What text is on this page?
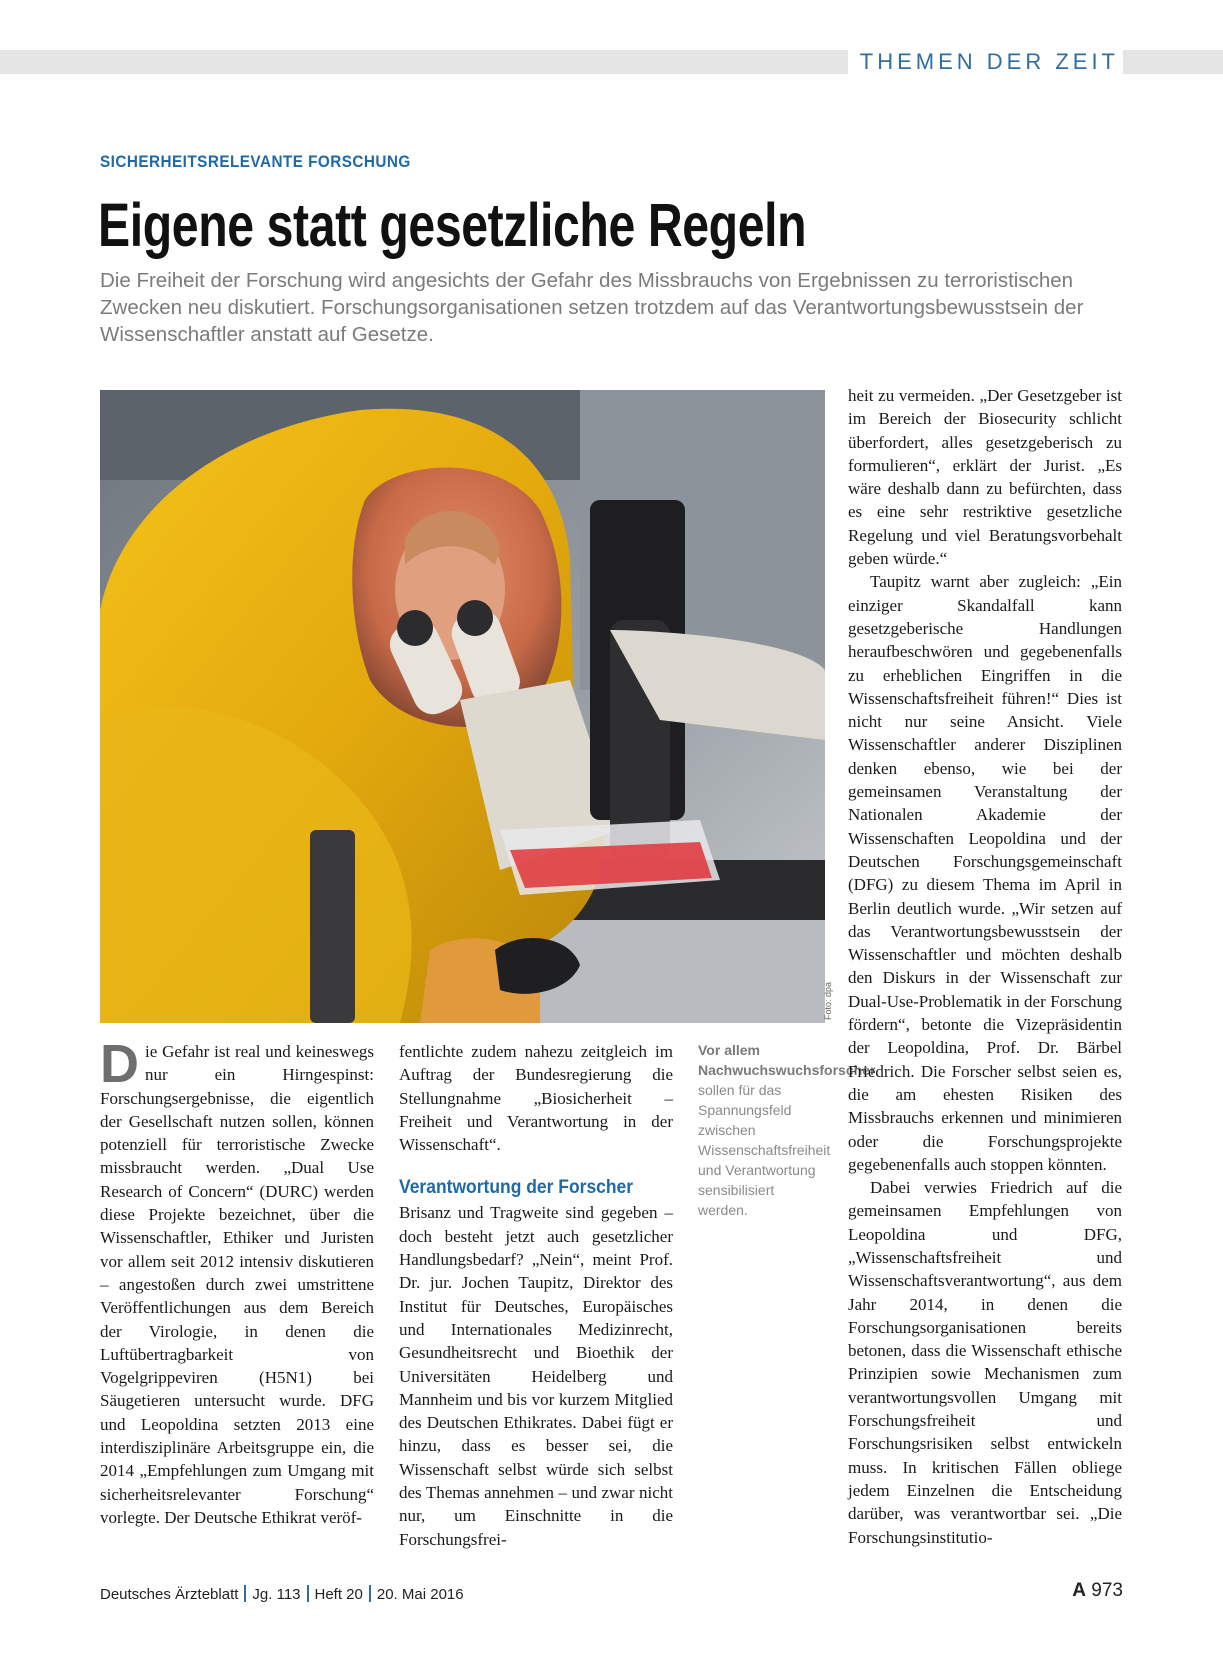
THEMEN DER ZEIT
SICHERHEITSRELEVANTE FORSCHUNG
Eigene statt gesetzliche Regeln

Die Freiheit der Forschung wird angesichts der Gefahr des Missbrauchs von Ergebnissen zu terroristischen Zwecken neu diskutiert. Forschungsorganisationen setzen trotzdem auf das Verantwortungsbewusstsein der Wissenschaftler anstatt auf Gesetze.

Foto: dpa

Die Gefahr ist real und keineswegs nur ein Hirngespinst: Forschungsergebnisse, die eigentlich der Gesellschaft nutzen sollen, können potenziell für terroristische Zwecke missbraucht werden. „Dual Use Research of Concern“ (DURC) werden diese Projekte bezeichnet, über die Wissenschaftler, Ethiker und Juristen vor allem seit 2012 intensiv diskutieren – angestoßen durch zwei umstrittene Veröffentlichungen aus dem Bereich der Virologie, in denen die Luftübertragbarkeit von Vogelgrippeviren (H5N1) bei Säugetieren untersucht wurde. DFG und Leopoldina setzten 2013 eine interdisziplinäre Arbeitsgruppe ein, die 2014 „Empfehlungen zum Umgang mit sicherheitsrelevanter Forschung“ vorlegte. Der Deutsche Ethikrat veröf-

fentlichte zudem nahezu zeitgleich im Auftrag der Bundesregierung die Stellungnahme „Biosicherheit – Freiheit und Verantwortung in der Wissenschaft“.

Verantwortung der Forscher

Brisanz und Tragweite sind gegeben – doch besteht jetzt auch gesetzlicher Handlungsbedarf? „Nein“, meint Prof. Dr. jur. Jochen Taupitz, Direktor des Institut für Deutsches, Europäisches und Internationales Medizinrecht, Gesundheitsrecht und Bioethik der Universitäten Heidelberg und Mannheim und bis vor kurzem Mitglied des Deutschen Ethikrates. Dabei fügt er hinzu, dass es besser sei, die Wissenschaft selbst würde sich selbst des Themas annehmen – und zwar nicht nur, um Einschnitte in die Forschungsfrei-

Vor allem Nachwuchswuchsforscher sollen für das Spannungsfeld zwischen Wissenschaftsfreiheit und Verantwortung sensibilisiert werden.

heit zu vermeiden. „Der Gesetzgeber ist im Bereich der Biosecurity schlicht überfordert, alles gesetzgeberisch zu formulieren“, erklärt der Jurist. „Es wäre deshalb dann zu befürchten, dass es eine sehr restriktive gesetzliche Regelung und viel Beratungsvorbehalt geben würde.“

Taupitz warnt aber zugleich: „Ein einziger Skandalfall kann gesetzgeberische Handlungen heraufbeschwören und gegebenenfalls zu erheblichen Eingriffen in die Wissenschaftsfreiheit führen!“ Dies ist nicht nur seine Ansicht. Viele Wissenschaftler anderer Disziplinen denken ebenso, wie bei der gemeinsamen Veranstaltung der Nationalen Akademie der Wissenschaften Leopoldina und der Deutschen Forschungsgemeinschaft (DFG) zu diesem Thema im April in Berlin deutlich wurde. „Wir setzen auf das Verantwortungsbewusstsein der Wissenschaftler und möchten deshalb den Diskurs in der Wissenschaft zur Dual-Use-Problematik in der Forschung fördern“, betonte die Vizepräsidentin der Leopoldina, Prof. Dr. Bärbel Friedrich. Die Forscher selbst seien es, die am ehesten Risiken des Missbrauchs erkennen und minimieren oder die Forschungsprojekte gegebenenfalls auch stoppen könnten.

Dabei verwies Friedrich auf die gemeinsamen Empfehlungen von Leopoldina und DFG, „Wissenschaftsfreiheit und Wissenschaftsverantwortung“, aus dem Jahr 2014, in denen die Forschungsorganisationen bereits betonen, dass die Wissenschaft ethische Prinzipien sowie Mechanismen zum verantwortungsvollen Umgang mit Forschungsfreiheit und Forschungsrisiken selbst entwickeln muss. In kritischen Fällen obliege jedem Einzelnen die Entscheidung darüber, was verantwortbar sei. „Die Forschungsinstitutio-

Deutsches Ärzteblatt Jg. 113 Heft 20 20. Mai 2016	A 973
